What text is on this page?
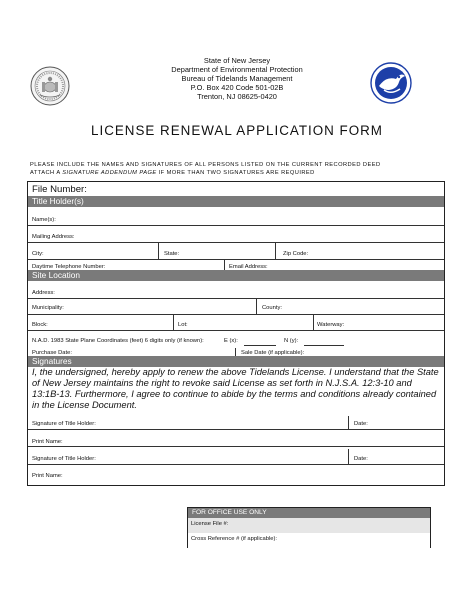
State of New Jersey
Department of Environmental Protection
Bureau of Tidelands Management
P.O. Box 420 Code 501-02B
Trenton, NJ 08625-0420
LICENSE RENEWAL APPLICATION FORM
PLEASE INCLUDE THE NAMES AND SIGNATURES OF ALL PERSONS LISTED ON THE CURRENT RECORDED DEED
ATTACH A SIGNATURE ADDENDUM PAGE IF MORE THAN TWO SIGNATURES ARE REQUIRED
File Number:
Title Holder(s)
Name(s):
Mailing Address:
City:	State:	Zip Code:
Daytime Telephone Number:	Email Address:
Site Location
Address:
Municipality:	County:
Block:	Lot:	Waterway:
N.A.D. 1983 State Plane Coordinates (feet) 6 digits only (if known):	E (x):	N (y):
Purchase Date:	Sale Date (if applicable):
Signatures

I, the undersigned, hereby apply to renew the above Tidelands License. I understand that the State of New Jersey maintains the right to revoke said License as set forth in N.J.S.A. 12:3-10 and 13:1B-13. Furthermore, I agree to continue to abide by the terms and conditions already contained in the License Document.

Signature of Title Holder:	Date:
Print Name:
Signature of Title Holder:	Date:
Print Name:
FOR OFFICE USE ONLY
License File #:
Cross Reference # (if applicable):
